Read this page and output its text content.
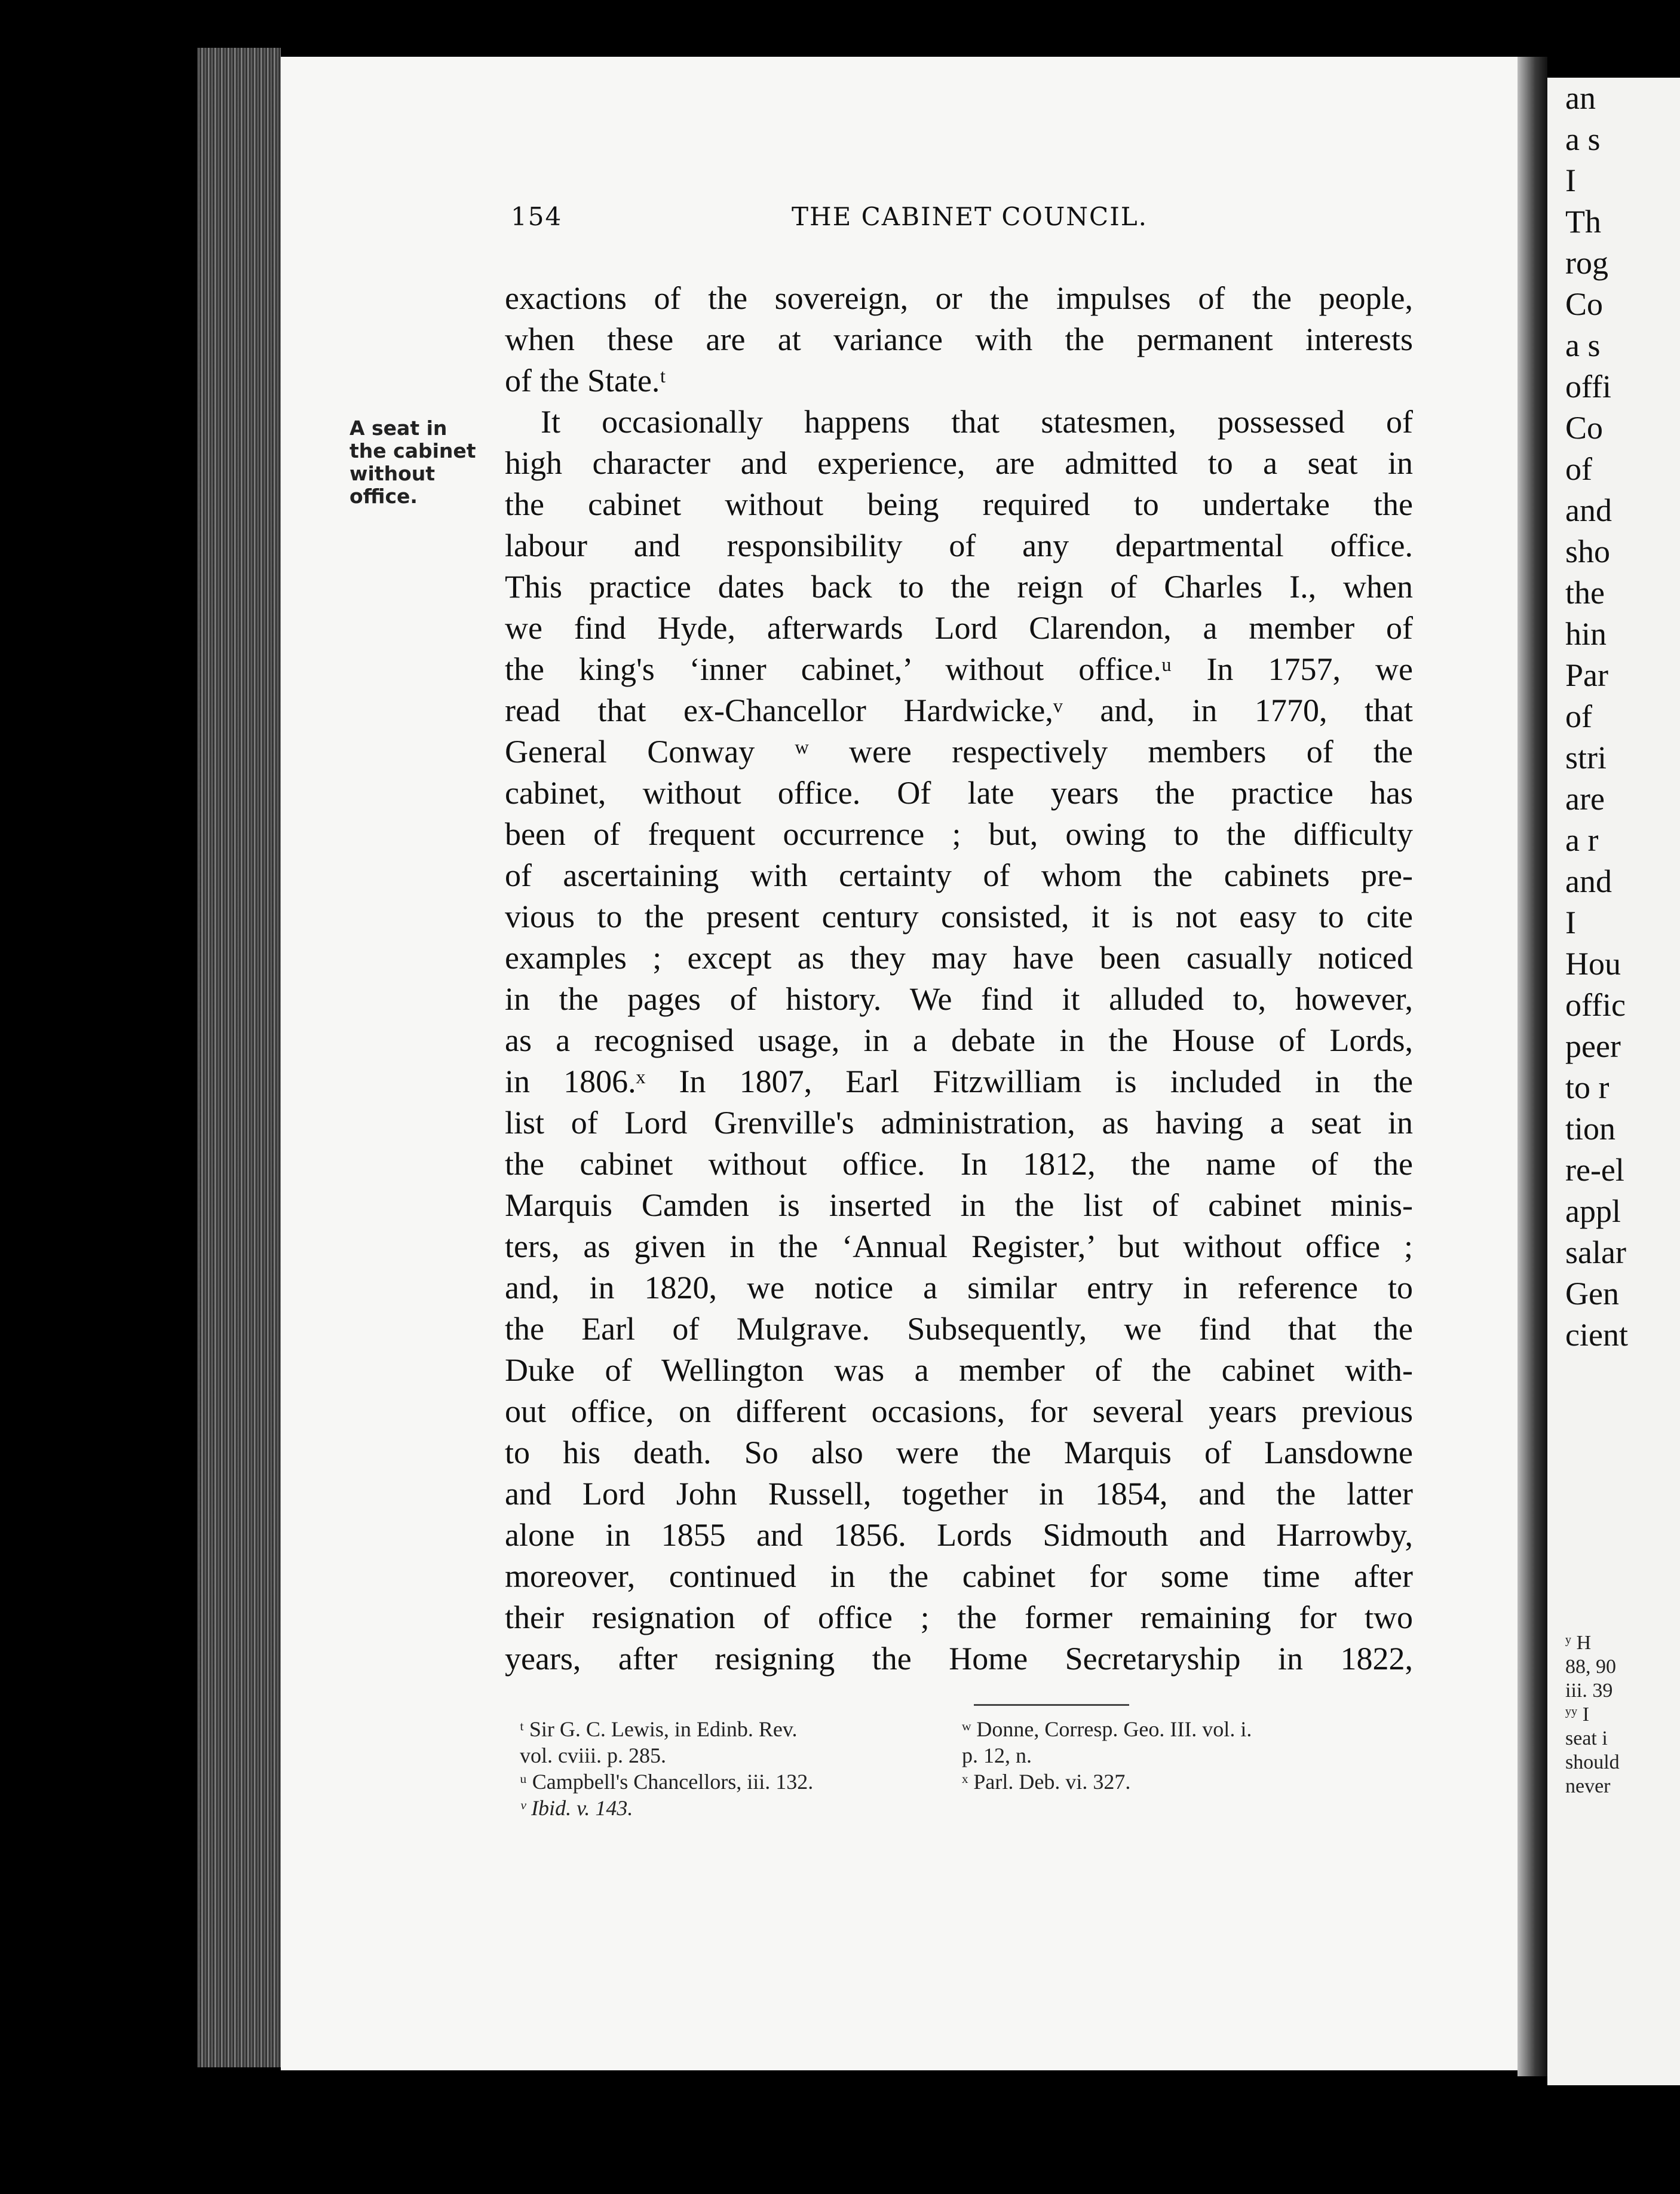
an
a s
I
Th
rog
Co
a s
offi
Co
of
and
sho
the
hin
Par
of
stri
are
a r
and
I
Hou
offic
peer
to r
tion
re-el
appl
salar
Gen
cient
ʸ H
88, 90
iii. 39
ʸʸ I
seat i
should
never
154	THE CABINET COUNCIL.
A seat in
the cabinet
without
office.
exactions of the sovereign, or the impulses of the people,
when these are at variance with the permanent interests
of the State.ᵗ
It occasionally happens that statesmen, possessed of
high character and experience, are admitted to a seat in
the cabinet without being required to undertake the
labour and responsibility of any departmental office.
This practice dates back to the reign of Charles I., when
we find Hyde, afterwards Lord Clarendon, a member of
the king's ‘inner cabinet,’ without office.ᵘ In 1757, we
read that ex-Chancellor Hardwicke,ᵛ and, in 1770, that
General Conway ʷ were respectively members of the
cabinet, without office. Of late years the practice has
been of frequent occurrence ; but, owing to the difficulty
of ascertaining with certainty of whom the cabinets pre-
vious to the present century consisted, it is not easy to cite
examples ; except as they may have been casually noticed
in the pages of history. We find it alluded to, however,
as a recognised usage, in a debate in the House of Lords,
in 1806.ˣ In 1807, Earl Fitzwilliam is included in the
list of Lord Grenville's administration, as having a seat in
the cabinet without office. In 1812, the name of the
Marquis Camden is inserted in the list of cabinet minis-
ters, as given in the ‘Annual Register,’ but without office ;
and, in 1820, we notice a similar entry in reference to
the Earl of Mulgrave. Subsequently, we find that the
Duke of Wellington was a member of the cabinet with-
out office, on different occasions, for several years previous
to his death. So also were the Marquis of Lansdowne
and Lord John Russell, together in 1854, and the latter
alone in 1855 and 1856. Lords Sidmouth and Harrowby,
moreover, continued in the cabinet for some time after
their resignation of office ; the former remaining for two
years, after resigning the Home Secretaryship in 1822,
ᵗ Sir G. C. Lewis, in Edinb. Rev.
vol. cviii. p. 285.
ᵘ Campbell's Chancellors, iii. 132.
ᵛ Ibid. v. 143.
ʷ Donne, Corresp. Geo. III. vol. i.
p. 12, n.
ˣ Parl. Deb. vi. 327.
